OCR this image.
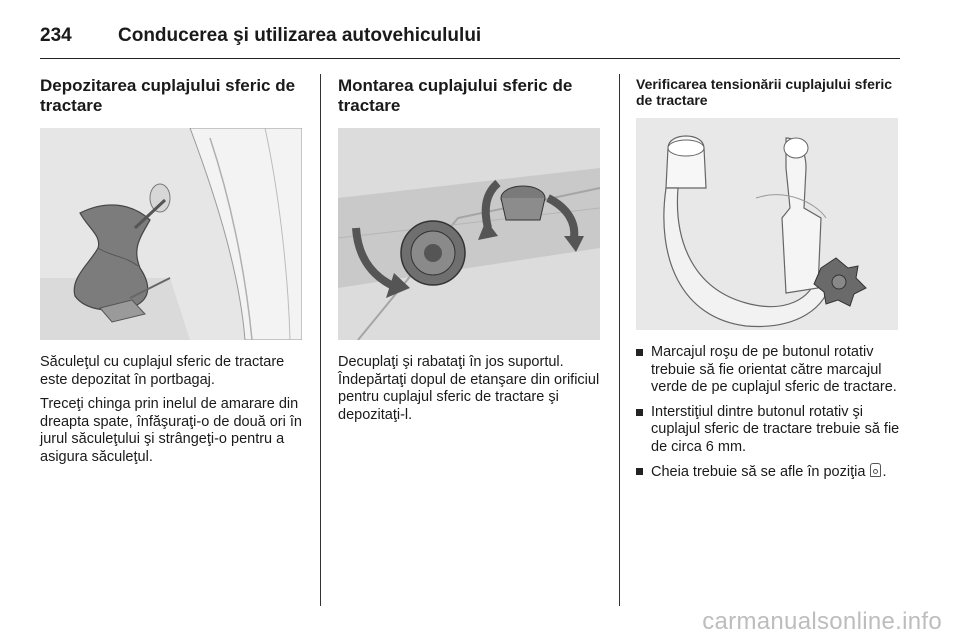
234	Conducerea şi utilizarea autovehiculului
Depozitarea cuplajului sferic de tractare

Săculeţul cu cuplajul sferic de tractare este depozitat în portbagaj.

Treceţi chinga prin inelul de amarare din dreapta spate, înfăşuraţi-o de două ori în jurul săculeţului şi strângeţi-o pentru a asigura săculeţul.

Montarea cuplajului sferic de tractare

Decuplaţi şi rabataţi în jos suportul. Îndepărtaţi dopul de etanşare din orificiul pentru cuplajul sferic de tractare şi depozitaţi-l.

Verificarea tensionării cuplajului sferic de tractare
Marcajul roşu de pe butonul rotativ trebuie să fie orientat către marcajul verde de pe cuplajul sferic de tractare.
Interstiţiul dintre butonul rotativ şi cuplajul sferic de tractare trebuie să fie de circa 6 mm.
Cheia trebuie să se afle în poziţia .
carmanualsonline.info
